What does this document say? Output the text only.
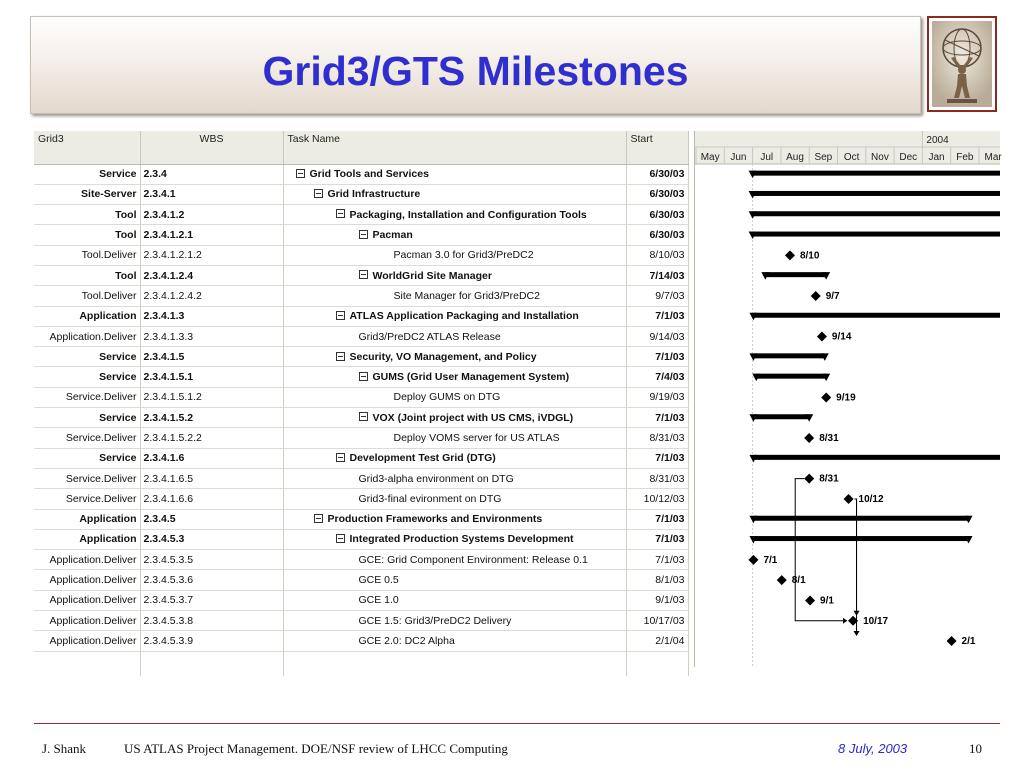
Grid3/GTS Milestones
Grid3	WBS	Task Name	Start
Service	2.3.4	Grid Tools and Services	6/30/03
Site-Server	2.3.4.1	Grid Infrastructure	6/30/03
Tool	2.3.4.1.2	Packaging, Installation and Configuration Tools	6/30/03
Tool	2.3.4.1.2.1	Pacman	6/30/03
Tool.Deliver	2.3.4.1.2.1.2	Pacman 3.0 for Grid3/PreDC2	8/10/03
Tool	2.3.4.1.2.4	WorldGrid Site Manager	7/14/03
Tool.Deliver	2.3.4.1.2.4.2	Site Manager for Grid3/PreDC2	9/7/03
Application	2.3.4.1.3	ATLAS Application Packaging and Installation	7/1/03
Application.Deliver	2.3.4.1.3.3	Grid3/PreDC2 ATLAS Release	9/14/03
Service	2.3.4.1.5	Security, VO Management, and Policy	7/1/03
Service	2.3.4.1.5.1	GUMS (Grid User Management System)	7/4/03
Service.Deliver	2.3.4.1.5.1.2	Deploy GUMS on DTG	9/19/03
Service	2.3.4.1.5.2	VOX (Joint project with US CMS, iVDGL)	7/1/03
Service.Deliver	2.3.4.1.5.2.2	Deploy VOMS server for US ATLAS	8/31/03
Service	2.3.4.1.6	Development Test Grid (DTG)	7/1/03
Service.Deliver	2.3.4.1.6.5	Grid3-alpha environment on DTG	8/31/03
Service.Deliver	2.3.4.1.6.6	Grid3-final evironment on DTG	10/12/03
Application	2.3.4.5	Production Frameworks and Environments	7/1/03
Application	2.3.4.5.3	Integrated Production Systems Development	7/1/03
Application.Deliver	2.3.4.5.3.5	GCE: Grid Component Environment: Release 0.1	7/1/03
Application.Deliver	2.3.4.5.3.6	GCE 0.5	8/1/03
Application.Deliver	2.3.4.5.3.7	GCE 1.0	9/1/03
Application.Deliver	2.3.4.5.3.8	GCE 1.5: Grid3/PreDC2 Delivery	10/17/03
Application.Deliver	2.3.4.5.3.9	GCE 2.0: DC2 Alpha	2/1/04

May Jun Jul Aug Sep Oct Nov Dec Jan Feb Mar
2004
8/10
9/7
9/14
9/19
8/31
8/31
10/12
7/1
8/1
9/1
10/17
2/1
J. Shank	US ATLAS Project Management. DOE/NSF review of LHCC Computing	8 July, 2003	10
